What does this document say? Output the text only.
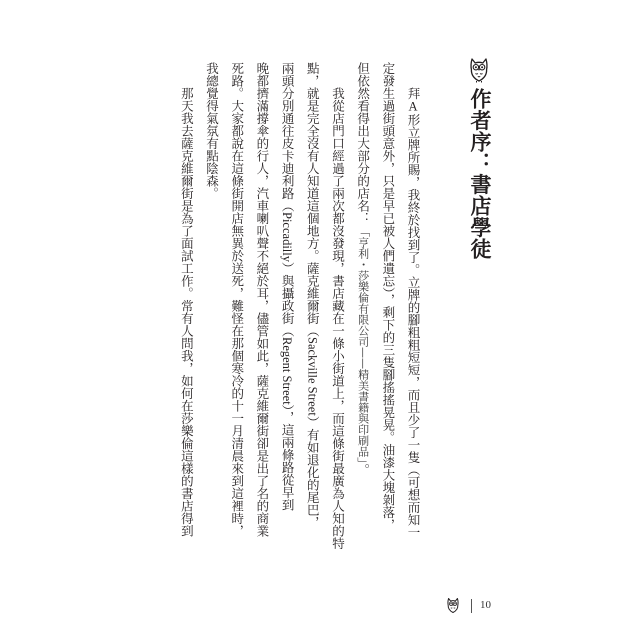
作者序：書店學徒
拜A形立牌所賜，我終於找到了。立牌的腳粗粗短短，而且少了一隻（可想而知一
定發生過街頭意外，只是早已被人們遺忘），剩下的三隻腳搖搖晃晃。油漆大塊剝落，
但依然看得出大部分的店名：「亨利・莎樂倫有限公司——精美書籍與印刷品」。
我從店門口經過了兩次都沒發現，書店藏在一條小街道上，而這條街最廣為人知的特
點，就是完全沒有人知道這個地方。薩克維爾街（Sackville Street）有如退化的尾巴，
兩頭分別通往皮卡迪利路（Piccadilly）與攝政街（Regent Street），這兩條路從早到
晚都擠滿撐傘的行人，汽車喇叭聲不絕於耳，儘管如此，薩克維爾街卻是出了名的商業
死路。大家都說在這條街開店無異於送死，難怪在那個寒冷的十一月清晨來到這裡時，
我總覺得氣氛有點陰森。
那天我去薩克維爾街是為了面試工作。常有人問我，如何在莎樂倫這樣的書店得到
10
